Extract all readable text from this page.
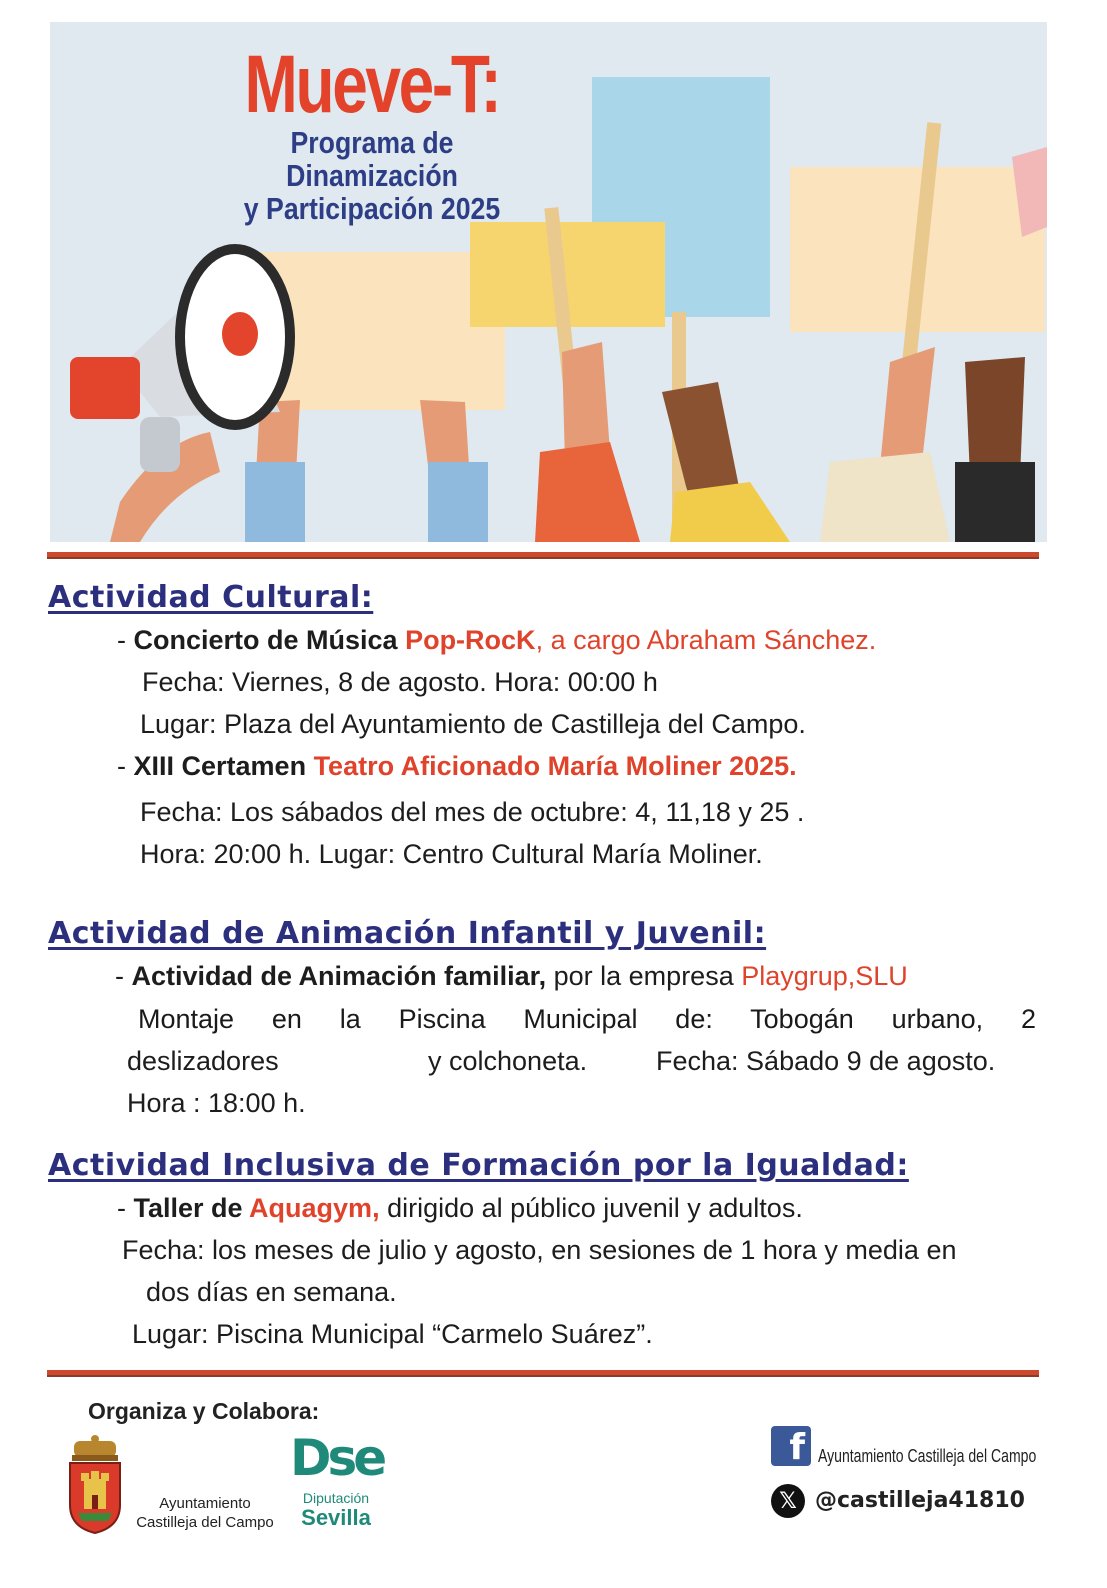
Mueve-T:
Programa de Dinamización
y Participación 2025
Actividad Cultural:
- Concierto de Música Pop-RocK, a cargo Abraham Sánchez.
Fecha: Viernes, 8 de agosto. Hora: 00:00 h
Lugar: Plaza del Ayuntamiento de Castilleja del Campo.
- XIII Certamen Teatro Aficionado María Moliner 2025.
Fecha: Los sábados del mes de octubre: 4, 11,18 y 25 .
Hora: 20:00 h. Lugar: Centro Cultural María Moliner.
Actividad de Animación Infantil y Juvenil:
- Actividad de Animación familiar, por la empresa Playgrup,SLU
Montaje en la Piscina Municipal de: Tobogán urbano, 2
deslizadores	y colchoneta.	Fecha: Sábado 9 de agosto.
Hora : 18:00 h.
Actividad Inclusiva de Formación por la Igualdad:
- Taller de Aquagym, dirigido al público juvenil y adultos.
Fecha: los meses de julio y agosto, en sesiones de 1 hora y media en
dos días en semana.
Lugar: Piscina Municipal “Carmelo Suárez”.
Organiza y Colabora:
Ayuntamiento
Castilleja del Campo
Dse
Diputación
Sevilla
f Ayuntamiento Castilleja del Campo
𝕏 @castilleja41810
